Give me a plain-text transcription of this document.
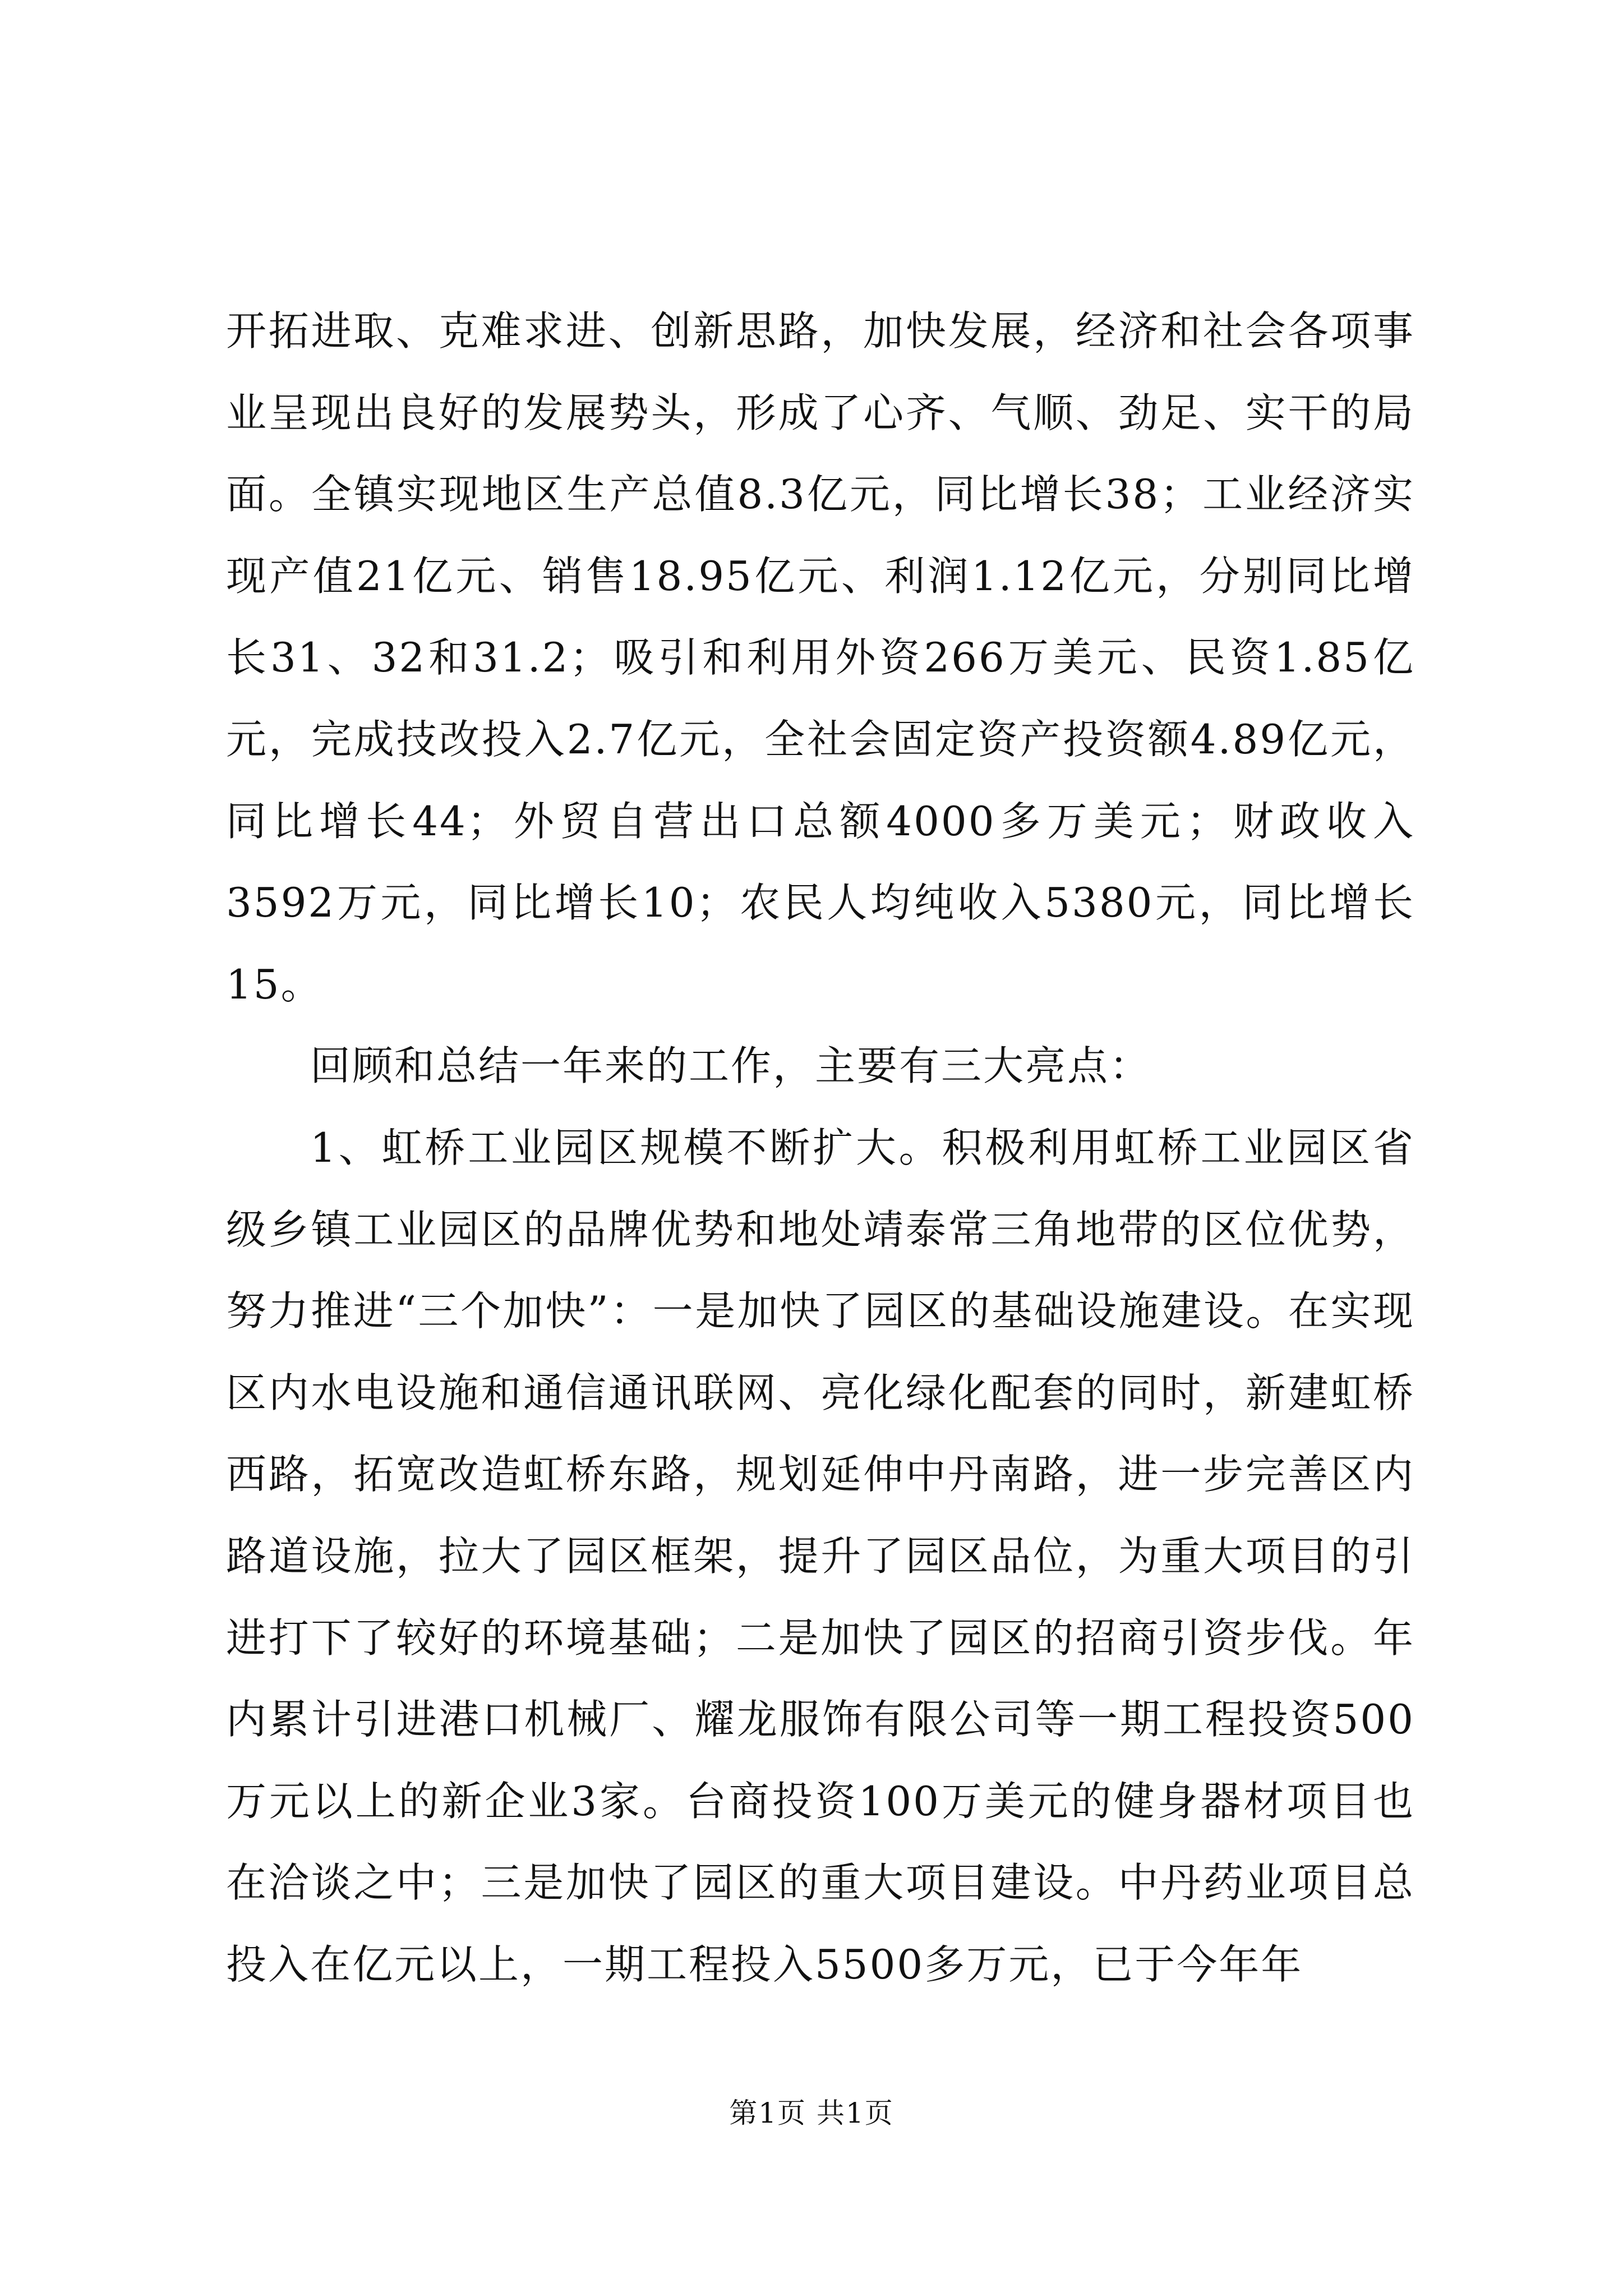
开拓进取、克难求进、创新思路，加快发展，经济和社会各项事业呈现出良好的发展势头，形成了心齐、气顺、劲足、实干的局面。全镇实现地区生产总值8.3亿元，同比增长38；工业经济实现产值21亿元、销售18.95亿元、利润1.12亿元，分别同比增长31、32和31.2；吸引和利用外资266万美元、民资1.85亿元，完成技改投入2.7亿元，全社会固定资产投资额4.89亿元，同比增长44；外贸自营出口总额4000多万美元；财政收入3592万元，同比增长10；农民人均纯收入5380元，同比增长15。

回顾和总结一年来的工作，主要有三大亮点：

1、虹桥工业园区规模不断扩大。积极利用虹桥工业园区省级乡镇工业园区的品牌优势和地处靖泰常三角地带的区位优势，努力推进“三个加快”：一是加快了园区的基础设施建设。在实现区内水电设施和通信通讯联网、亮化绿化配套的同时，新建虹桥西路，拓宽改造虹桥东路，规划延伸中丹南路，进一步完善区内路道设施，拉大了园区框架，提升了园区品位，为重大项目的引进打下了较好的环境基础；二是加快了园区的招商引资步伐。年内累计引进港口机械厂、耀龙服饰有限公司等一期工程投资500万元以上的新企业3家。台商投资100万美元的健身器材项目也在洽谈之中；三是加快了园区的重大项目建设。中丹药业项目总投入在亿元以上，一期工程投入5500多万元，已于今年年

第1页 共1页
